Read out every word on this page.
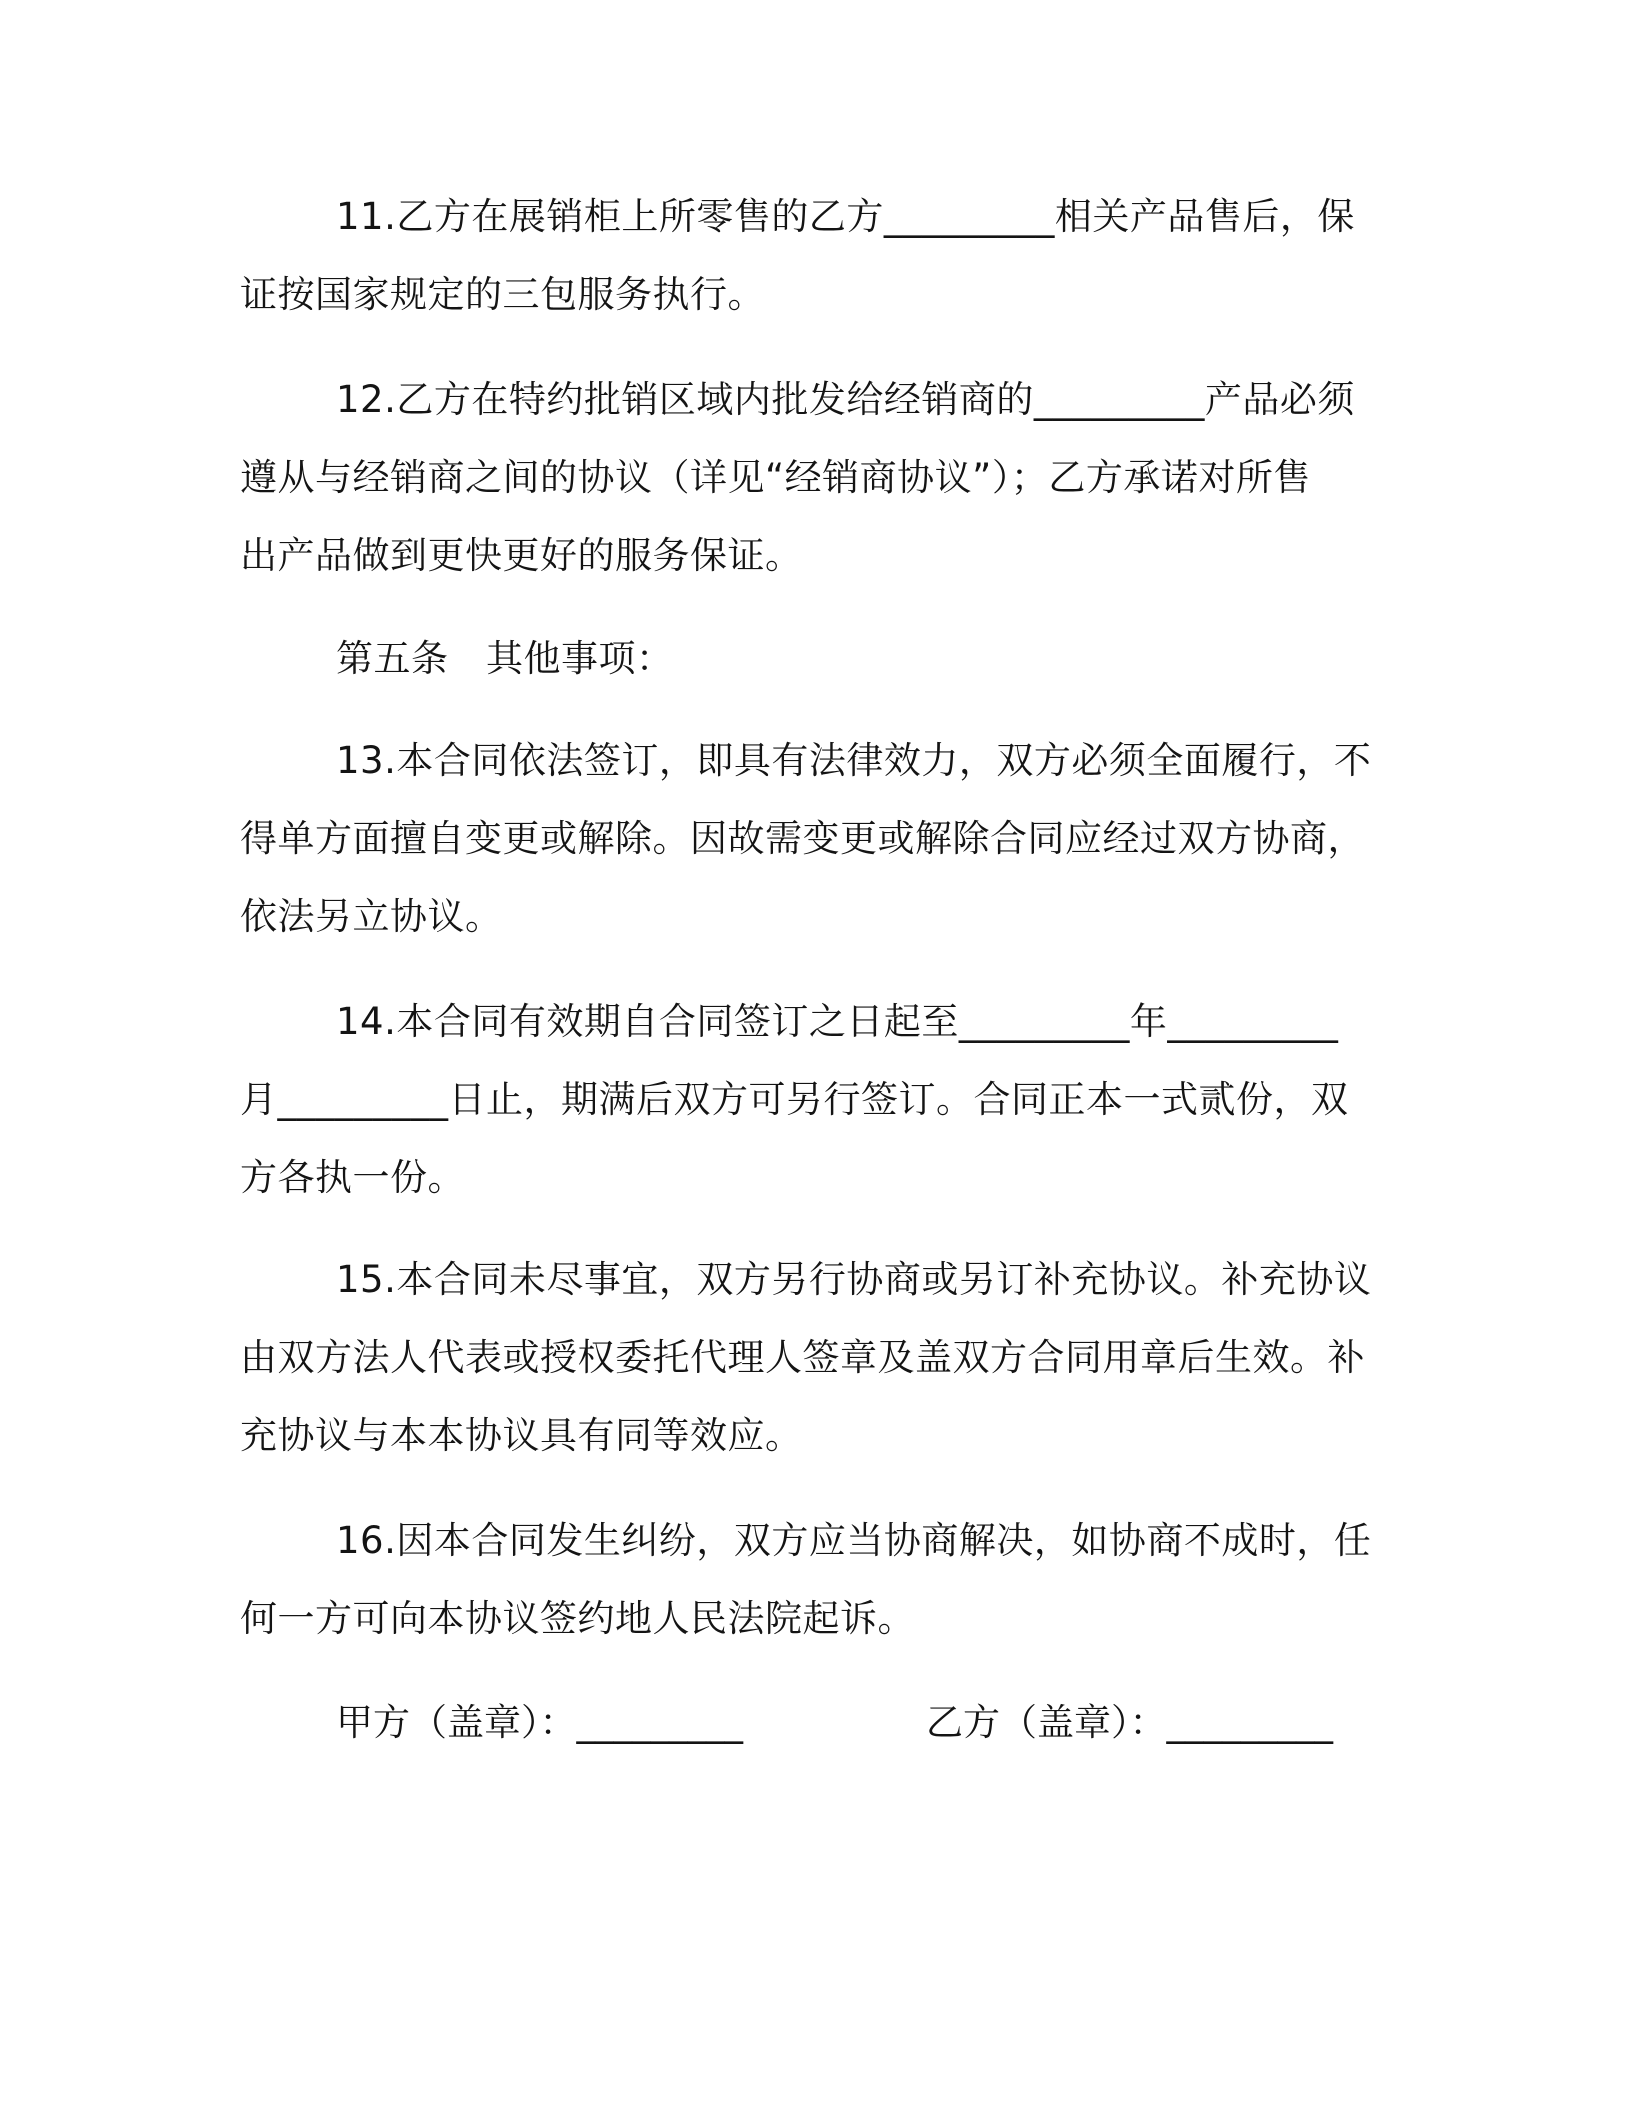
11.乙方在展销柜上所零售的乙方_________相关产品售后，保
证按国家规定的三包服务执行。
12.乙方在特约批销区域内批发给经销商的_________产品必须
遵从与经销商之间的协议（详见“经销商协议”）；乙方承诺对所售
出产品做到更快更好的服务保证。
第五条　其他事项：
13.本合同依法签订，即具有法律效力，双方必须全面履行，不
得单方面擅自变更或解除。因故需变更或解除合同应经过双方协商，
依法另立协议。
14.本合同有效期自合同签订之日起至_________年_________
月_________日止，期满后双方可另行签订。合同正本一式贰份，双
方各执一份。
15.本合同未尽事宜，双方另行协商或另订补充协议。补充协议
由双方法人代表或授权委托代理人签章及盖双方合同用章后生效。补
充协议与本本协议具有同等效应。
16.因本合同发生纠纷，双方应当协商解决，如协商不成时，任
何一方可向本协议签约地人民法院起诉。
甲方（盖章）：_________	乙方（盖章）：_________
